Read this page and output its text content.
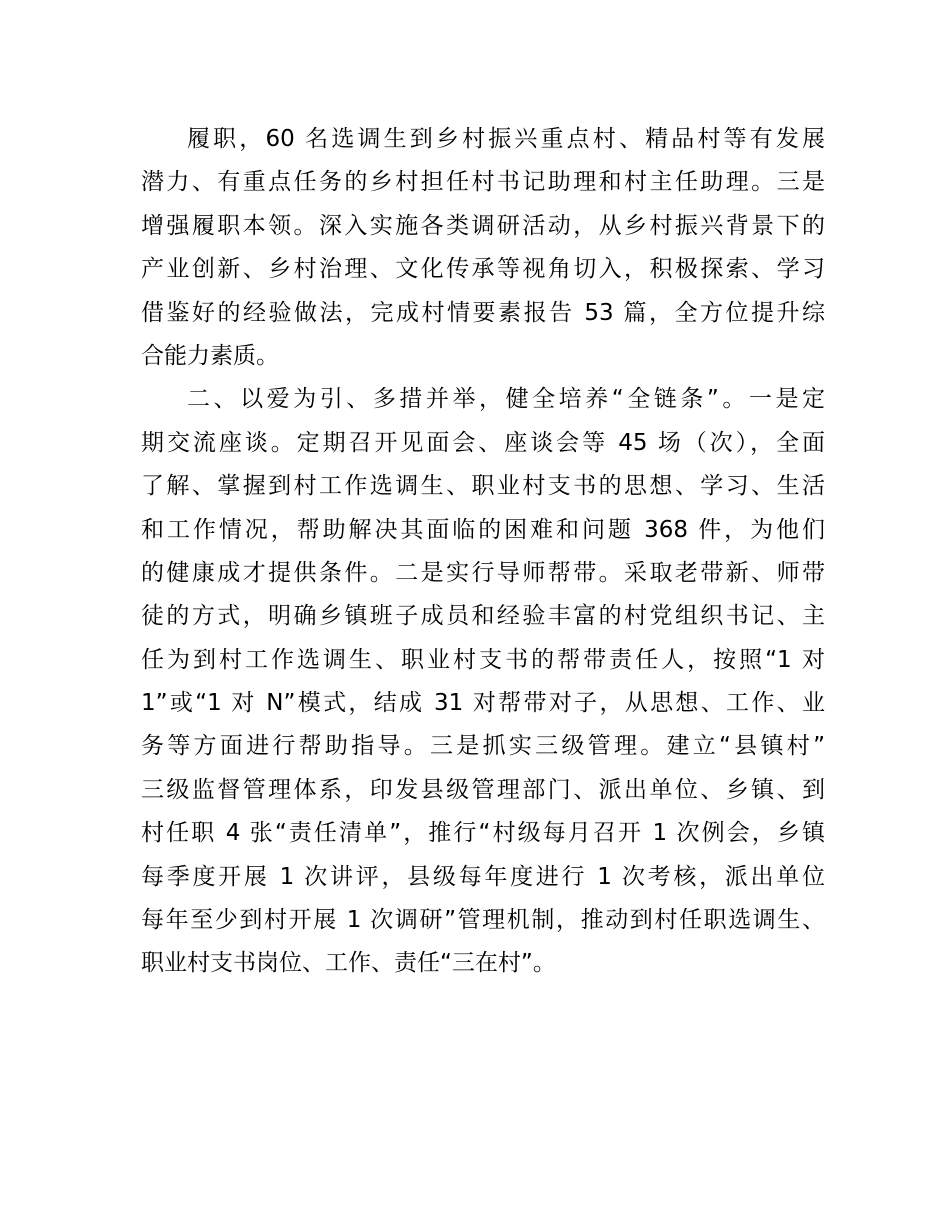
履职，60 名选调生到乡村振兴重点村、精品村等有发展
潜力、有重点任务的乡村担任村书记助理和村主任助理。三是
增强履职本领。深入实施各类调研活动，从乡村振兴背景下的
产业创新、乡村治理、文化传承等视角切入，积极探索、学习
借鉴好的经验做法，完成村情要素报告 53 篇，全方位提升综
合能力素质。
二、以爱为引、多措并举，健全培养“全链条”。一是定
期交流座谈。定期召开见面会、座谈会等 45 场（次），全面
了解、掌握到村工作选调生、职业村支书的思想、学习、生活
和工作情况，帮助解决其面临的困难和问题 368 件，为他们
的健康成才提供条件。二是实行导师帮带。采取老带新、师带
徒的方式，明确乡镇班子成员和经验丰富的村党组织书记、主
任为到村工作选调生、职业村支书的帮带责任人，按照“1 对
1”或“1 对 N”模式，结成 31 对帮带对子，从思想、工作、业
务等方面进行帮助指导。三是抓实三级管理。建立“县镇村”
三级监督管理体系，印发县级管理部门、派出单位、乡镇、到
村任职 4 张“责任清单”，推行“村级每月召开 1 次例会，乡镇
每季度开展 1 次讲评，县级每年度进行 1 次考核，派出单位
每年至少到村开展 1 次调研”管理机制，推动到村任职选调生、
职业村支书岗位、工作、责任“三在村”。
